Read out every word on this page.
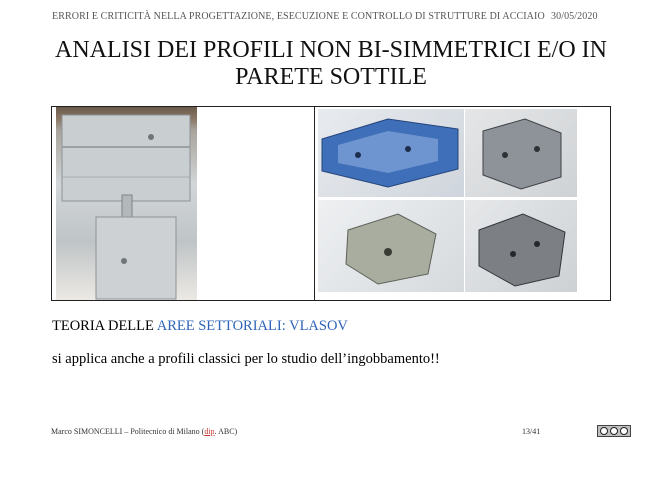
ERRORI E CRITICITÀ NELLA PROGETTAZIONE, ESECUZIONE E CONTROLLO DI STRUTTURE DI ACCIAIO 30/05/2020
ANALISI DEI PROFILI NON BI-SIMMETRICI E/O IN PARETE SOTTILE
TEORIA DELLE AREE SETTORIALI: VLASOV
si applica anche a profili classici per lo studio dell’ingobbamento!!
Marco SIMONCELLI – Politecnico di Milano (dip. ABC)	13/41
